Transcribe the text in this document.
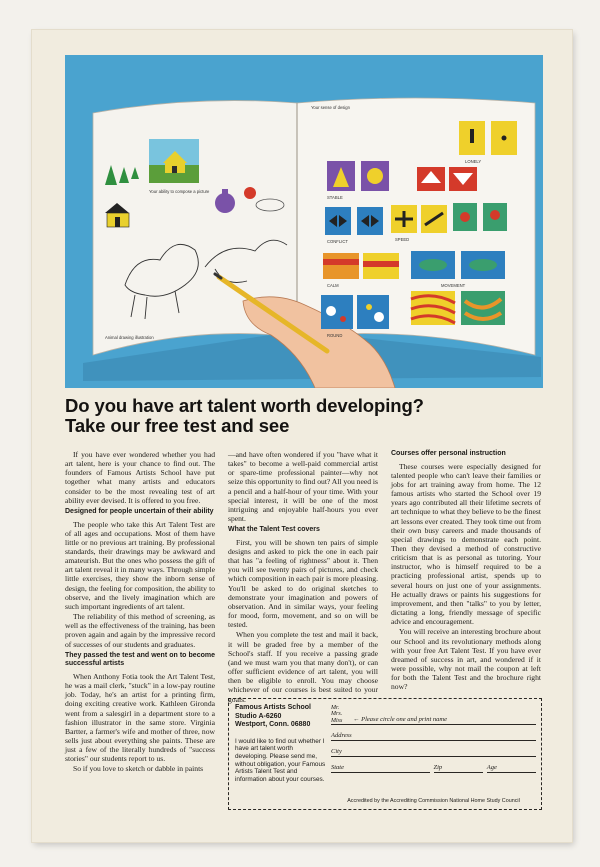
Your ability to compose a picture
Animal drawing illustration
Your sense of design
LONELY
STABLE
CONFLICT	SPEED
CALM	MOVEMENT
ROUND
Do you have art talent worth developing?
Take our free test and see

If you have ever wondered whether you had art talent, here is your chance to find out. The founders of Famous Artists School have put together what many artists and educators consider to be the most revealing test of art ability ever devised. It is offered to you free.

Designed for people uncertain of their ability

The people who take this Art Talent Test are of all ages and occupations. Most of them have little or no previous art training. By professional standards, their drawings may be awkward and amateurish. But the ones who possess the gift of art talent reveal it in many ways. Through simple little exercises, they show the inborn sense of design, the feeling for composition, the ability to observe, and the lively imagination which are such important ingredients of art talent.

The reliability of this method of screening, as well as the effectiveness of the training, has been proven again and again by the impressive record of successes of our students and graduates.

They passed the test and went on to become successful artists

When Anthony Fotia took the Art Talent Test, he was a mail clerk, "stuck" in a low-pay routine job. Today, he's an artist for a printing firm, doing exciting creative work. Kathleen Gironda went from a salesgirl in a department store to a fashion illustrator in the same store. Virginia Bartter, a farmer's wife and mother of three, now sells just about everything she paints. These are just a few of the literally hundreds of "success stories" our students report to us.

So if you love to sketch or dabble in paints

—and have often wondered if you "have what it takes" to become a well-paid commercial artist or spare-time professional painter—why not seize this opportunity to find out? All you need is a pencil and a half-hour of your time. With your special interest, it will be one of the most intriguing and enjoyable half-hours you ever spent.

What the Talent Test covers

First, you will be shown ten pairs of simple designs and asked to pick the one in each pair that has "a feeling of rightness" about it. Then you will see twenty pairs of pictures, and check which composition in each pair is more pleasing. You'll be asked to do original sketches to demonstrate your imagination and powers of observation. And in similar ways, your feeling for mood, form, movement, and so on will be tested.

When you complete the test and mail it back, it will be graded free by a member of the School's staff. If you receive a passing grade (and we must warn you that many don't), or can offer sufficient evidence of art talent, you will then be eligible to enroll. You may choose whichever of our courses is best suited to your goals.

Courses offer personal instruction

These courses were especially designed for talented people who can't leave their families or jobs for art training away from home. The 12 famous artists who started the School over 19 years ago contributed all their lifetime secrets of art technique to what they believe to be the finest art lessons ever created. They took time out from their own busy careers and made thousands of special drawings to demonstrate each point. Then they devised a method of constructive criticism that is as personal as tutoring. Your instructor, who is himself required to be a practicing professional artist, spends up to several hours on just one of your assignments. He actually draws or paints his suggestions for improvement, and then "talks" to you by letter, dictating a long, friendly message of specific advice and encouragement.

You will receive an interesting brochure about our School and its revolutionary methods along with your free Art Talent Test. If you have ever dreamed of success in art, and wondered if it were possible, why not mail the coupon at left for both the Talent Test and the brochure right now?

Famous Artists School
Studio A-6260
Westport, Conn. 06880
I would like to find out whether I have art talent worth developing. Please send me, without obligation, your Famous Artists Talent Test and information about your courses.
Mr.
Mrs.
Miss ← Please circle one and print name
Address
City
State	Zip	Age
Accredited by the Accrediting Commission National Home Study Council
